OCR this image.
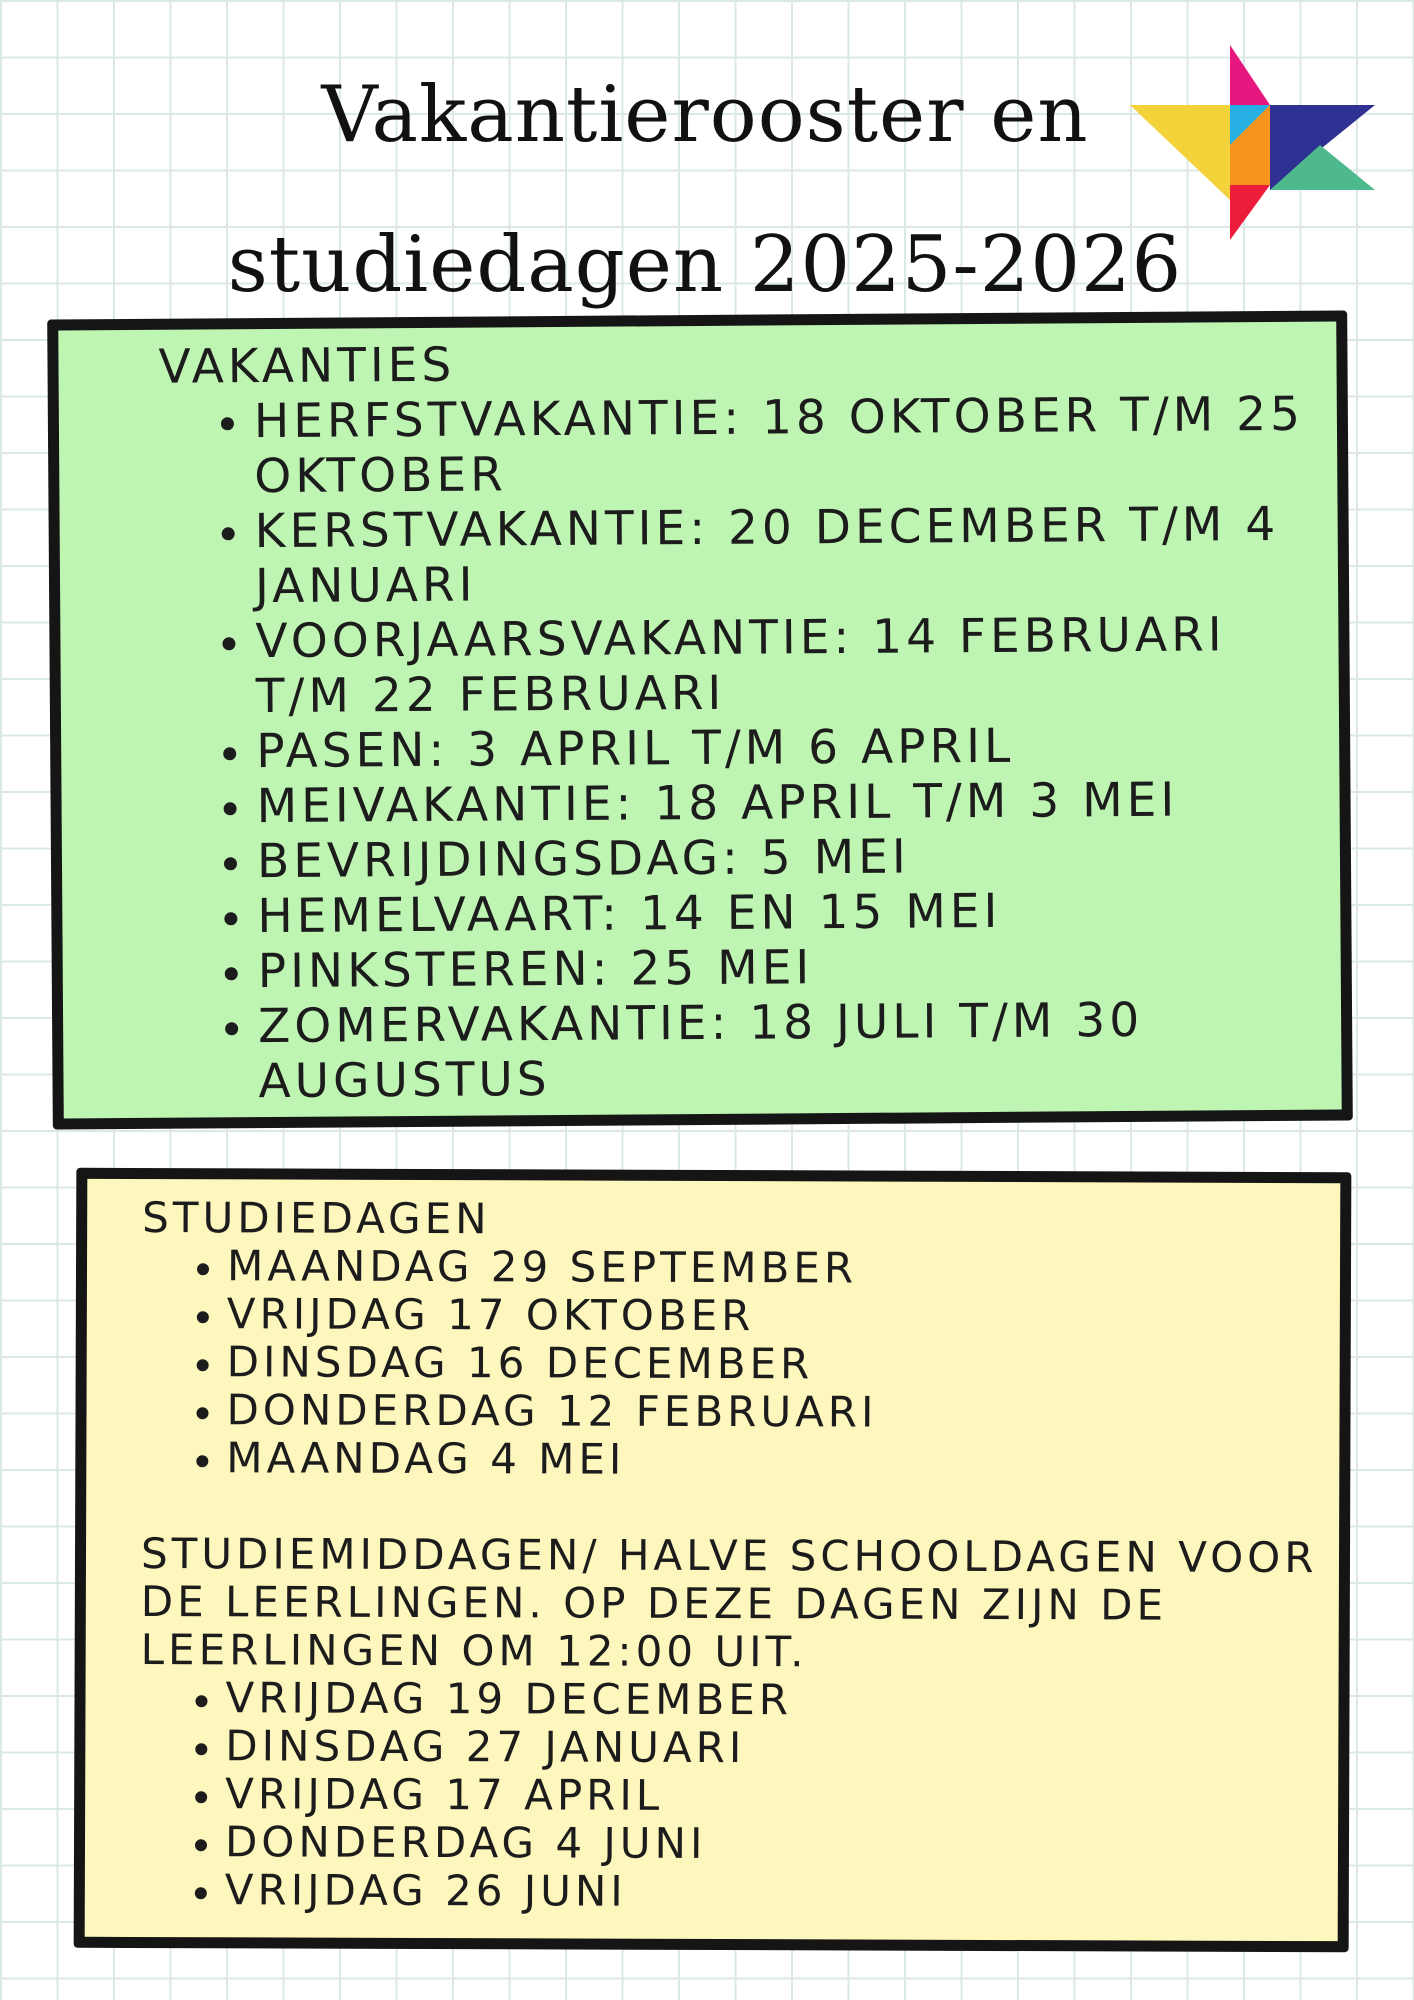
Vakantierooster en
studiedagen 2025-2026
VAKANTIES
• HERFSTVAKANTIE: 18 OKTOBER T/M 25 OKTOBER
• KERSTVAKANTIE: 20 DECEMBER T/M 4 JANUARI
• VOORJAARSVAKANTIE: 14 FEBRUARI T/M 22 FEBRUARI
• PASEN: 3 APRIL T/M 6 APRIL
• MEIVAKANTIE: 18 APRIL T/M 3 MEI
• BEVRIJDINGSDAG: 5 MEI
• HEMELVAART: 14 EN 15 MEI
• PINKSTEREN: 25 MEI
• ZOMERVAKANTIE: 18 JULI T/M 30 AUGUSTUS
STUDIEDAGEN
• MAANDAG 29 SEPTEMBER
• VRIJDAG 17 OKTOBER
• DINSDAG 16 DECEMBER
• DONDERDAG 12 FEBRUARI
• MAANDAG 4 MEI
STUDIEMIDDAGEN/ HALVE SCHOOLDAGEN VOOR DE LEERLINGEN. OP DEZE DAGEN ZIJN DE LEERLINGEN OM 12:00 UIT.
• VRIJDAG 19 DECEMBER
• DINSDAG 27 JANUARI
• VRIJDAG 17 APRIL
• DONDERDAG 4 JUNI
• VRIJDAG 26 JUNI
